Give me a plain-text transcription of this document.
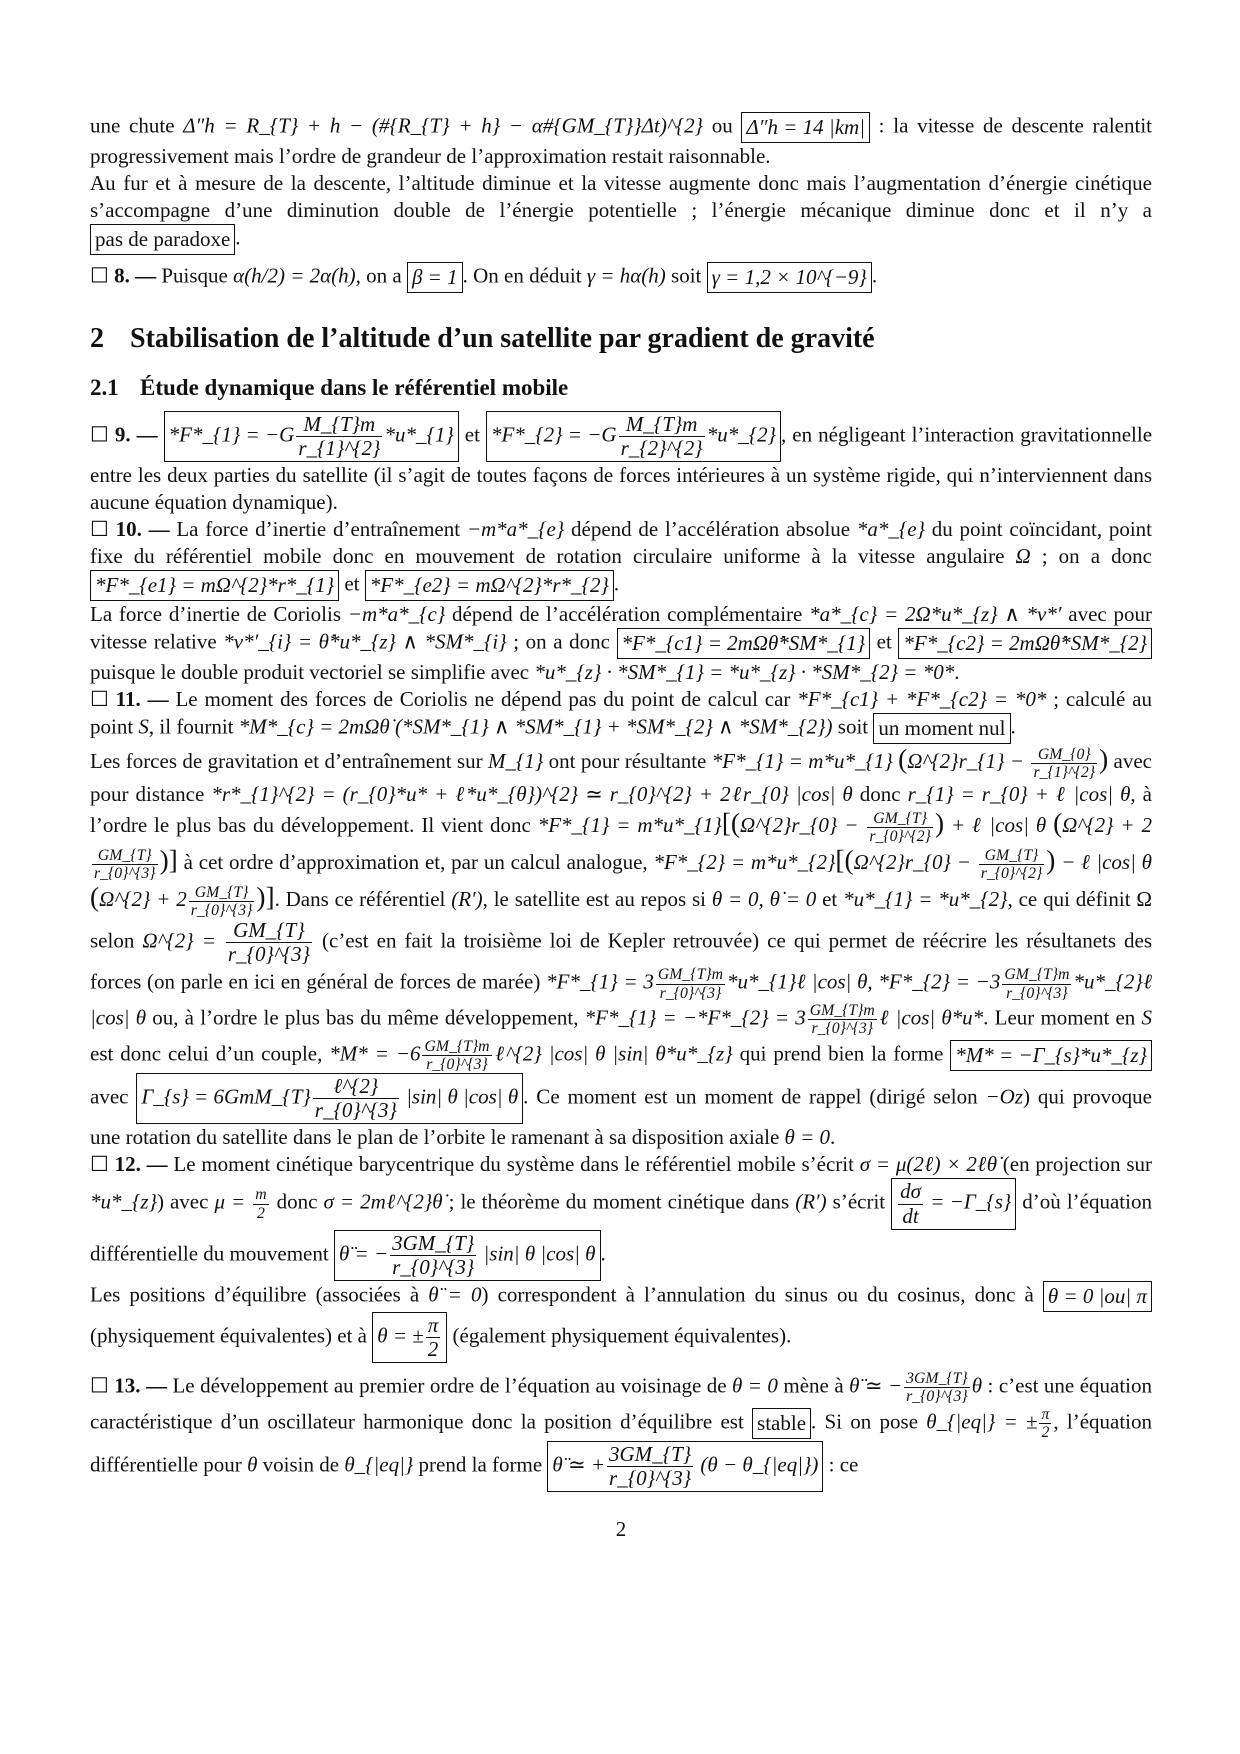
une chute Δ″h = R_{T} + h − (#{R_{T} + h} − α#{GM_{T}}Δt)^{2} ou Δ″h = 14 |km| : la vitesse de descente ralentit progressivement mais l’ordre de grandeur de l’approximation restait raisonnable.

Au fur et à mesure de la descente, l’altitude diminue et la vitesse augmente donc mais l’augmentation d’énergie cinétique s’accompagne d’une diminution double de l’énergie potentielle ; l’énergie mécanique diminue donc et il n’y a pas de paradoxe .

☐ 8. — Puisque α(h/2) = 2α(h), on a β = 1 . On en déduit γ = hα(h) soit γ = 1,2 × 10^{−9} .

2 Stabilisation de l’altitude d’un satellite par gradient de gravité
2.1 Étude dynamique dans le référentiel mobile

☐ 9. — *F*_{1} = $-G \frac{M\_\{T\}m}{r\_\{1\}\^{}\{2\}}$ *u*_{1} et *F*_{2} = $-G \frac{M\_\{T\}m}{r\_\{2\}\^{}\{2\}}$ *u*_{2} , en négligeant l’interaction gravitationnelle entre les deux parties du satellite (il s’agit de toutes façons de forces intérieures à un système rigide, qui n’interviennent dans aucune équation dynamique).

☐ 10. — La force d’inertie d’entraînement −m*a*_{e} dépend de l’accélération absolue *a*_{e} du point coïncidant, point fixe du référentiel mobile donc en mouvement de rotation circulaire uniforme à la vitesse angulaire Ω ; on a donc *F*_{e1} = mΩ^{2}*r*_{1} et *F*_{e2} = mΩ^{2}*r*_{2} .

La force d’inertie de Coriolis −m*a*_{c} dépend de l’accélération complémentaire *a*_{c} = 2Ω*u*_{z} ∧ *v*′ avec pour vitesse relative *v*′_{i} = θ̇*u*_{z} ∧ *SM*_{i} ; on a donc *F*_{c1} = 2mΩθ̇*SM*_{1} et *F*_{c2} = 2mΩθ̇*SM*_{2} puisque le double produit vectoriel se simplifie avec *u*_{z} · *SM*_{1} = *u*_{z} · *SM*_{2} = *0*.

☐ 11. — Le moment des forces de Coriolis ne dépend pas du point de calcul car *F*_{c1} + *F*_{c2} = *0* ; calculé au point S, il fournit *M*_{c} = 2mΩθ̇ (*SM*_{1} ∧ *SM*_{1} + *SM*_{2} ∧ *SM*_{2}) soit un moment nul .

Les forces de gravitation et d’entraînement sur M_{1} ont pour résultante *F*_{1} = m*u*_{1} (Ω^{2}r_{1} − $\frac{GM\_\{0\}}{r\_\{1\}\^{}\{2\}}$ ) avec pour distance *r*_{1}^{2} = (r_{0}*u* + ℓ*u*_{θ})^{2} ≃ r_{0}^{2} + 2ℓr_{0} |cos| θ donc r_{1} = r_{0} + ℓ |cos| θ, à l’ordre le plus bas du développement. Il vient donc *F*_{1} = m*u*_{1}[(Ω^{2}r_{0} − $\frac{GM\_\{T\}}{r\_\{0\}\^{}\{2\}}$ ) + ℓ |cos| θ (Ω^{2} + 2
$\frac{GM\_\{T\}}{r\_\{0\}\^{}\{3\}}$ )] à cet ordre d’approximation et, par un calcul analogue, *F*_{2} = m*u*_{2}[(Ω^{2}r_{0} − $\frac{GM\_\{T\}}{r\_\{0\}\^{}\{2\}}$ ) − ℓ |cos| θ (Ω^{2} + $2 \frac{GM\_\{T\}}{r\_\{0\}\^{}\{3\}}$ )]. Dans ce référentiel (R′), le satellite est au repos si θ = 0, θ̇ = 0 et *u*_{1} = *u*_{2}, ce qui définit Ω selon Ω^{2} = $\frac{GM\_\{T\}}{r\_\{0\}\^{}\{3\}}$ (c’est en fait la troisième loi de Kepler retrouvée) ce qui permet de réécrire les résultanets des forces (on parle en ici en général de forces de marée) *F*_{1} = $3 \frac{GM\_\{T\}m}{r\_\{0\}\^{}\{3\}}$ *u*_{1}ℓ |cos| θ, *F*_{2} = $-3 \frac{GM\_\{T\}m}{r\_\{0\}\^{}\{3\}}$ *u*_{2}ℓ |cos| θ ou, à l’ordre le plus bas du même développement, *F*_{1} = −*F*_{2} = $3 \frac{GM\_\{T\}m}{r\_\{0\}\^{}\{3\}}$ ℓ |cos| θ*u*. Leur moment en S est donc celui d’un couple, $*M* = -6 \frac{GM\_\{T\}m}{r\_\{0\}\^{}\{3\}}$ ℓ^{2} |cos| θ |sin| θ*u*_{z} qui prend bien la forme *M* = −Γ_{s}*u*_{z} avec Γ_{s} = 6GmM_{T} $\frac{\text{ℓ\textasciicircum{}\{2\}}}{r\_\{0\}\^{}\{3\}} |\sin|$ θ |cos| θ . Ce moment est un moment de rappel (dirigé selon −Oz) qui provoque une rotation du satellite dans le plan de l’orbite le ramenant à sa disposition axiale θ = 0.

☐ 12. — Le moment cinétique barycentrique du système dans le référentiel mobile s’écrit σ = μ(2ℓ) × 2ℓθ̇ (en projection sur *u*_{z}) avec $\mu = \frac{m}{2}$ donc σ = 2mℓ^{2}θ̇ ; le théorème du moment cinétique dans (R′) s’écrit $\frac{d\sigma}{dt}$ = −Γ_{s} d’où l’équation différentielle du mouvement θ̈ = − $\frac{3GM\_\{T\}}{r\_\{0\}\^{}\{3\}} |\sin|$ θ |cos| θ .

Les positions d’équilibre (associées à θ̈ = 0) correspondent à l’annulation du sinus ou du cosinus, donc à θ = 0 |ou| π (physiquement équivalentes) et à θ = ± $\frac{\pi}{2}$ (également physiquement équivalentes).

☐ 13. — Le développement au premier ordre de l’équation au voisinage de θ = 0 mène à θ̈ ≃ − $\frac{3GM\_\{T\}}{r\_\{0\}\^{}\{3\}}$ θ : c’est une équation caractéristique d’un oscillateur harmonique donc la position d’équilibre est stable . Si on pose θ_{|eq|} = ± $\frac{\pi}{2}$ , l’équation différentielle pour θ voisin de θ_{|eq|} prend la forme θ̈ ≃ + $\frac{3GM\_\{T\}}{r\_\{0\}\^{}\{3\}} (\theta$ − θ_{|eq|}) : ce

2
